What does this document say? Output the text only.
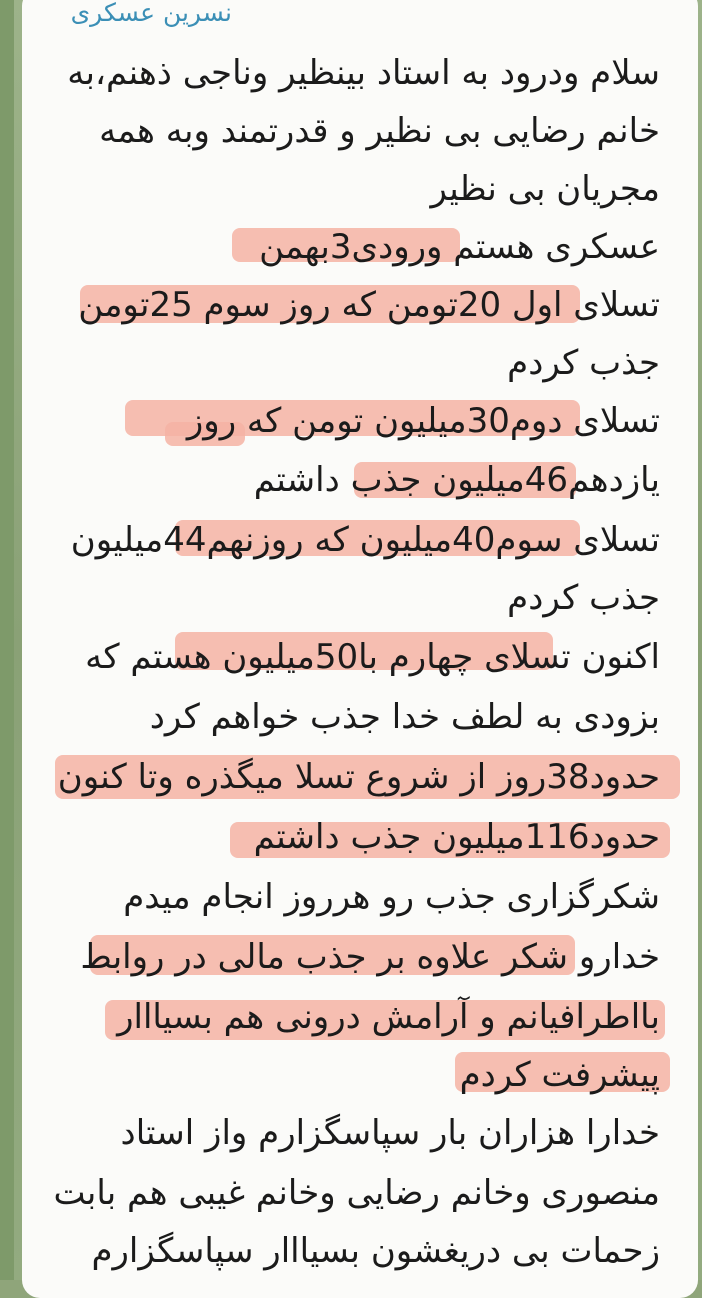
نسرین عسکری
سلام ودرود به استاد بینظیر وناجی ذهنم،به
خانم رضایی بی نظیر و قدرتمند وبه همه
مجریان بی نظیر
عسکری هستم ورودی3بهمن
تسلای اول 20تومن که روز سوم 25تومن
جذب کردم
تسلای دوم30میلیون تومن که روز
یازدهم46میلیون جذب داشتم
تسلای سوم40میلیون که روزنهم44میلیون
جذب کردم
اکنون تسلای چهارم با50میلیون هستم که
بزودی به لطف خدا جذب خواهم کرد
حدود38روز از شروع تسلا میگذره وتا کنون
حدود116میلیون جذب داشتم
شکرگزاری جذب رو هرروز انجام میدم
خدارو شکر علاوه بر جذب مالی در روابط
بااطرافیانم و آرامش درونی هم بسیااار
پیشرفت کردم
خدارا هزاران بار سپاسگزارم واز استاد
منصوری وخانم رضایی وخانم غیبی هم بابت
زحمات بی دریغشون بسیااار سپاسگزارم
